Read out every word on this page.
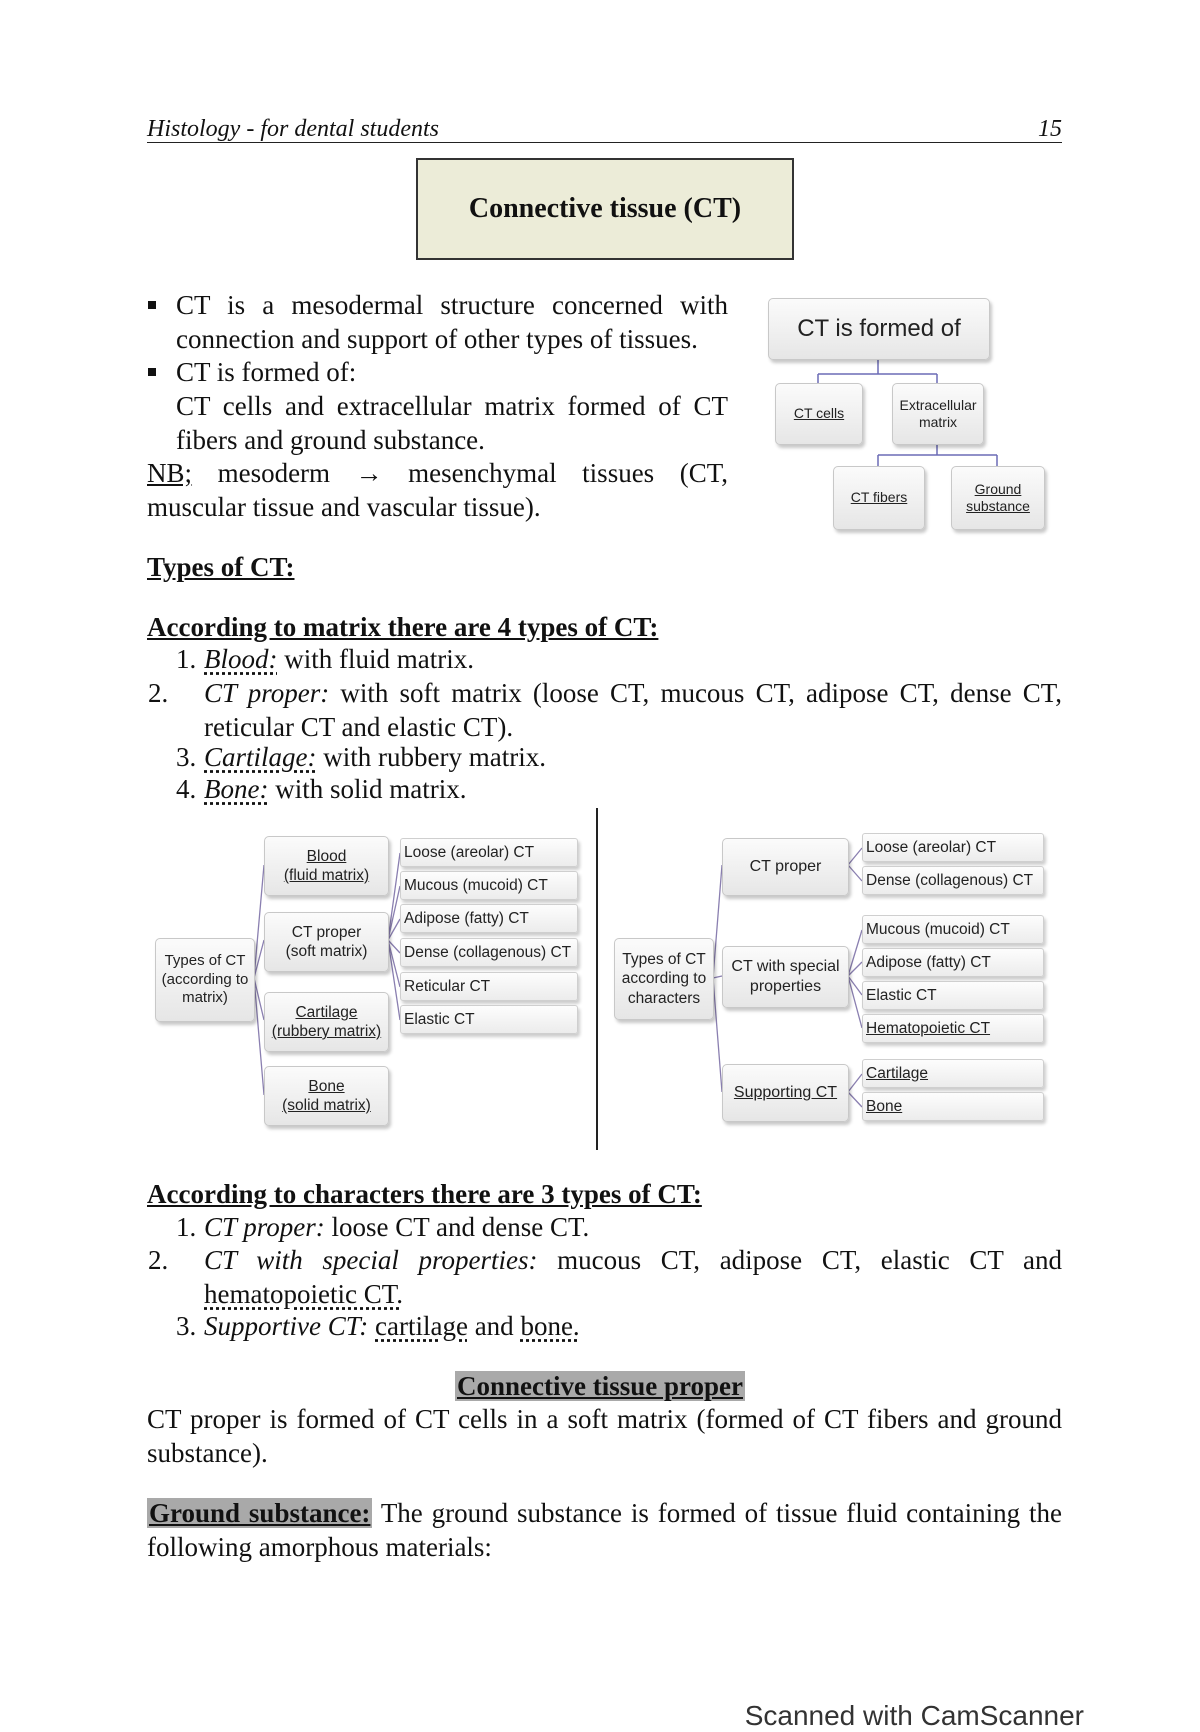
Histology - for dental students	15
Connective tissue (CT)
CT is a mesodermal structure concerned with connection and support of other types of tissues.
CT is formed of:
CT cells and extracellular matrix formed of CT fibers and ground substance.
NB; mesoderm → mesenchymal tissues (CT, muscular tissue and vascular tissue).
CT is formed of
CT cells
Extracellular matrix
CT fibers
Ground substance
Types of CT:
According to matrix there are 4 types of CT:
1. Blood: with fluid matrix.
2. CT proper: with soft matrix (loose CT, mucous CT, adipose CT, dense CT, reticular CT and elastic CT).
3. Cartilage: with rubbery matrix.
4. Bone: with solid matrix.
Types of CT (according to matrix)
Blood
(fluid matrix)
CT proper
(soft matrix)
Cartilage
(rubbery matrix)
Bone
(solid matrix)
Loose (areolar) CT
Mucous (mucoid) CT
Adipose (fatty) CT
Dense (collagenous) CT
Reticular CT
Elastic CT
Types of CT according to characters
CT proper
CT with special properties
Supporting CT
Loose (areolar) CT
Dense (collagenous) CT
Mucous (mucoid) CT
Adipose (fatty) CT
Elastic CT
Hematopoietic CT
Cartilage
Bone
According to characters there are 3 types of CT:
1. CT proper: loose CT and dense CT.
2. CT with special properties: mucous CT, adipose CT, elastic CT and hematopoietic CT.
3. Supportive CT: cartilage and bone.
Connective tissue proper
CT proper is formed of CT cells in a soft matrix (formed of CT fibers and ground substance).
Ground substance: The ground substance is formed of tissue fluid containing the following amorphous materials:
Scanned with CamScanner
